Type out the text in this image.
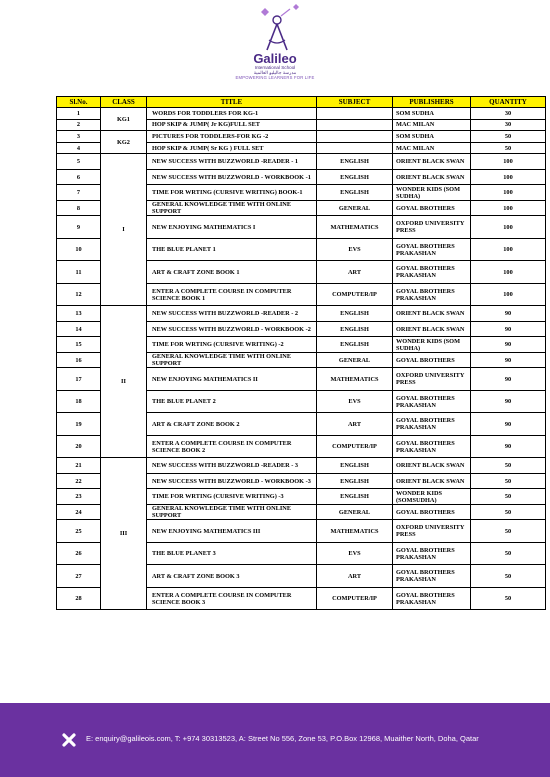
Galileo
International School
مدرسة جاليليو العالمية
EMPOWERING LEARNERS FOR LIFE
Sl.No.	CLASS	TITLE	SUBJECT	PUBLISHERS	QUANTITY
1	KG1	WORDS FOR TODDLERS FOR KG-1		SOM SUDHA	30
2		HOP SKIP & JUMP( Jr KG)FULL SET		MAC MILAN	30
3	KG2	PICTURES FOR TODDLERS-FOR KG -2		SOM SUDHA	50
4		HOP SKIP & JUMP( Sr KG ) FULL SET		MAC MILAN	50
5	I	NEW SUCCESS WITH BUZZWORLD -READER - 1	ENGLISH	ORIENT BLACK SWAN	100
6		NEW SUCCESS WITH BUZZWORLD - WORKBOOK -1	ENGLISH	ORIENT BLACK SWAN	100
7		TIME FOR WRTING (CURSIVE WRITING) BOOK-1	ENGLISH	WONDER KIDS (SOM SUDHA)	100
8		GENERAL KNOWLEDGE TIME WITH ONLINE SUPPORT	GENERAL	GOYAL BROTHERS	100
9		NEW ENJOYING MATHEMATICS I	MATHEMATICS	OXFORD UNIVERSITY PRESS	100
10		THE BLUE PLANET 1	EVS	GOYAL BROTHERS PRAKASHAN	100
11		ART & CRAFT ZONE BOOK 1	ART	GOYAL BROTHERS PRAKASHAN	100
12		ENTER A COMPLETE COURSE IN COMPUTER SCIENCE BOOK 1	COMPUTER/IP	GOYAL BROTHERS PRAKASHAN	100
13	II	NEW SUCCESS WITH BUZZWORLD -READER - 2	ENGLISH	ORIENT BLACK SWAN	90
14		NEW SUCCESS WITH BUZZWORLD - WORKBOOK -2	ENGLISH	ORIENT BLACK SWAN	90
15		TIME FOR WRTING (CURSIVE WRITING) -2	ENGLISH	WONDER KIDS (SOM SUDHA)	90
16		GENERAL KNOWLEDGE TIME WITH ONLINE SUPPORT	GENERAL	GOYAL BROTHERS	90
17		NEW ENJOYING MATHEMATICS II	MATHEMATICS	OXFORD UNIVERSITY PRESS	90
18		THE BLUE PLANET 2	EVS	GOYAL BROTHERS PRAKASHAN	90
19		ART & CRAFT ZONE BOOK 2	ART	GOYAL BROTHERS PRAKASHAN	90
20		ENTER A COMPLETE COURSE IN COMPUTER SCIENCE BOOK 2	COMPUTER/IP	GOYAL BROTHERS PRAKASHAN	90
21	III	NEW SUCCESS WITH BUZZWORLD -READER - 3	ENGLISH	ORIENT BLACK SWAN	50
22		NEW SUCCESS WITH BUZZWORLD - WORKBOOK -3	ENGLISH	ORIENT BLACK SWAN	50
23		TIME FOR WRTING (CURSIVE WRITING) -3	ENGLISH	WONDER KIDS (SOMSUDHA)	50
24		GENERAL KNOWLEDGE TIME WITH ONLINE SUPPORT	GENERAL	GOYAL BROTHERS	50
25		NEW ENJOYING MATHEMATICS III	MATHEMATICS	OXFORD UNIVERSITY PRESS	50
26		THE BLUE PLANET 3	EVS	GOYAL BROTHERS PRAKASHAN	50
27		ART & CRAFT ZONE BOOK 3	ART	GOYAL BROTHERS PRAKASHAN	50
28		ENTER A COMPLETE COURSE IN COMPUTER SCIENCE BOOK 3	COMPUTER/IP	GOYAL BROTHERS PRAKASHAN	50
E: enquiry@galileois.com, T: +974 30313523, A: Street No 556, Zone 53, P.O.Box 12968, Muaither North, Doha, Qatar
